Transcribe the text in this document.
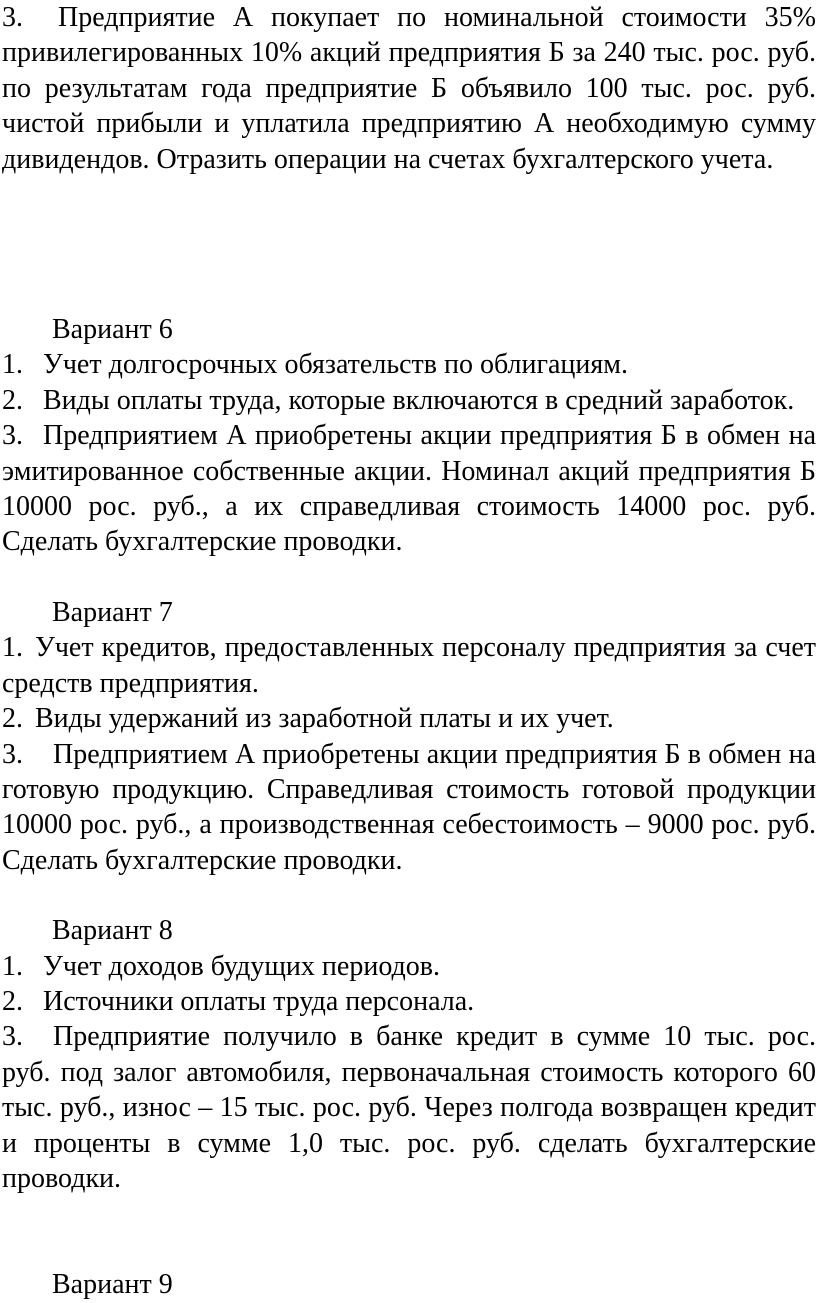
3. Предприятие А покупает по номинальной стоимости 35% привилегированных 10% акций предприятия Б за 240 тыс. рос. руб. по результатам года предприятие Б объявило 100 тыс. рос. руб. чистой прибыли и уплатила предприятию А необходимую сумму дивидендов. Отразить операции на счетах бухгалтерского учета.

Вариант 6

1. Учет долгосрочных обязательств по облигациям.

2. Виды оплаты труда, которые включаются в средний заработок.

3. Предприятием А приобретены акции предприятия Б в обмен на эмитированное собственные акции. Номинал акций предприятия Б 10000 рос. руб., а их справедливая стоимость 14000 рос. руб. Сделать бухгалтерские проводки.

Вариант 7

1. Учет кредитов, предоставленных персоналу предприятия за счет средств предприятия.

2. Виды удержаний из заработной платы и их учет.

3. Предприятием А приобретены акции предприятия Б в обмен на готовую продукцию. Справедливая стоимость готовой продукции 10000 рос. руб., а производственная себестоимость – 9000 рос. руб. Сделать бухгалтерские проводки.

Вариант 8

1. Учет доходов будущих периодов.

2. Источники оплаты труда персонала.

3. Предприятие получило в банке кредит в сумме 10 тыс. рос. руб. под залог автомобиля, первоначальная стоимость которого 60 тыс. руб., износ – 15 тыс. рос. руб. Через полгода возвращен кредит и проценты в сумме 1,0 тыс. рос. руб. сделать бухгалтерские проводки.

Вариант 9
